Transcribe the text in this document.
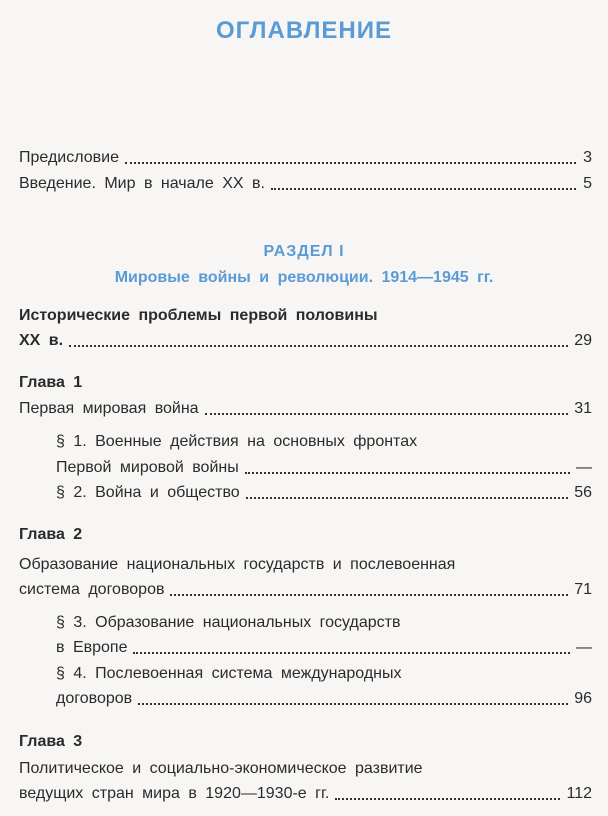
ОГЛАВЛЕНИЕ
Предисловие	3
Введение. Мир в начале XX в.	5
РАЗДЕЛ I
Мировые войны и революции. 1914—1945 гг.
Исторические проблемы первой половины
XX в.	29
Глава 1
Первая мировая война	31
§ 1. Военные действия на основных фронтах
Первой мировой войны	—
§ 2. Война и общество	56
Глава 2
Образование национальных государств и послевоенная
система договоров	71
§ 3. Образование национальных государств
в Европе	—
§ 4. Послевоенная система международных
договоров	96
Глава 3
Политическое и социально-экономическое развитие
ведущих стран мира в 1920—1930-е гг.	112
